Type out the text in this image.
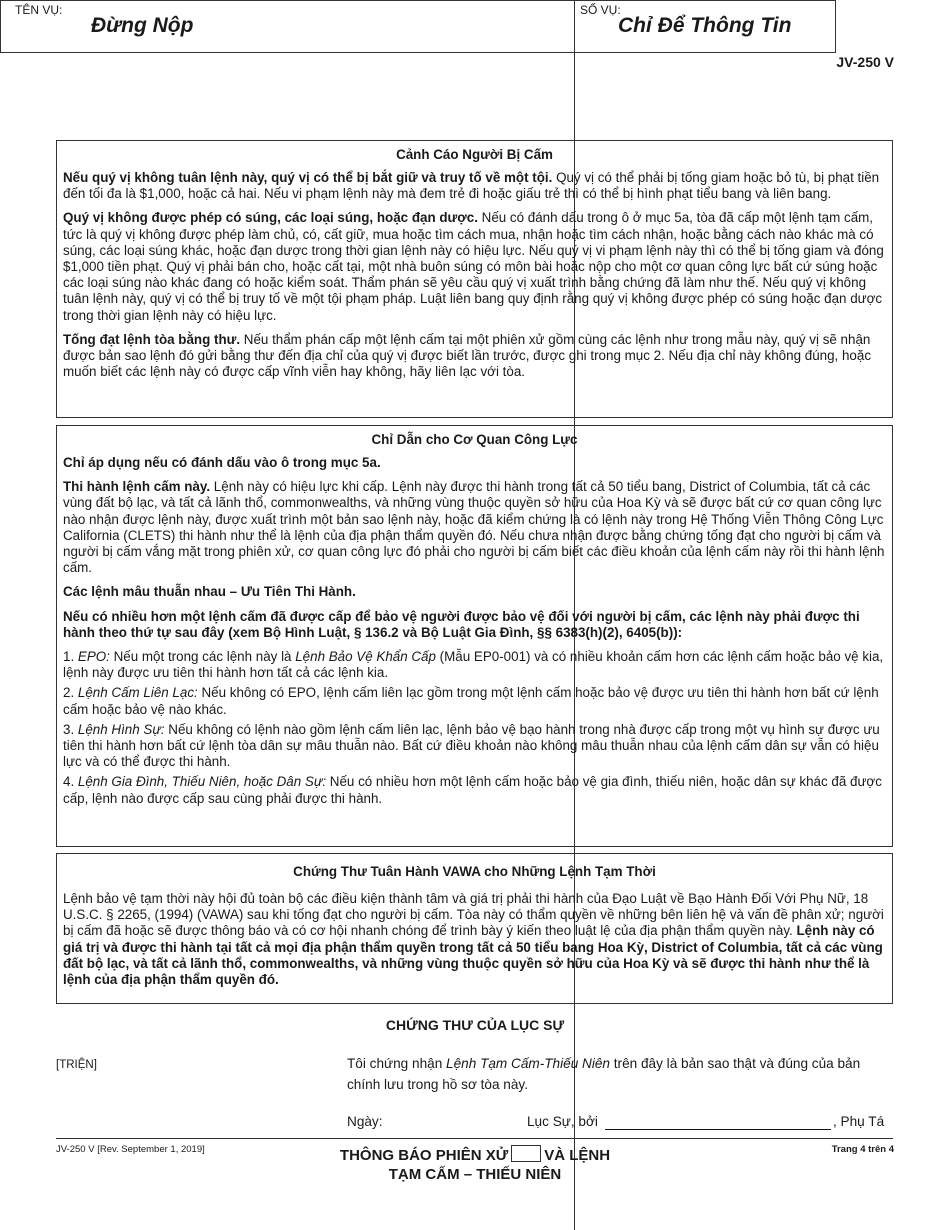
JV-250 V
TÊN VỤ:
Đừng Nộp
SỐ VỤ:
Chỉ Để Thông Tin
Cảnh Cáo Người Bị Cấm

Nếu quý vị không tuân lệnh này, quý vị có thể bị bắt giữ và truy tố về một tội. Quý vị có thể phải bị tống giam hoặc bỏ tù, bị phạt tiền đến tối đa là $1,000, hoặc cả hai. Nếu vi phạm lệnh này mà đem trẻ đi hoặc giấu trẻ thì có thể bị hình phạt tiểu bang và liên bang.

Quý vị không được phép có súng, các loại súng, hoặc đạn dược. Nếu có đánh dấu trong ô ở mục 5a, tòa đã cấp một lệnh tạm cấm, tức là quý vị không được phép làm chủ, có, cất giữ, mua hoặc tìm cách mua, nhận hoặc tìm cách nhận, hoặc bằng cách nào khác mà có súng, các loại súng khác, hoặc đạn dược trong thời gian lệnh này có hiệu lực. Nếu quý vị vi phạm lệnh này thì có thể bị tống giam và đóng $1,000 tiền phạt. Quý vị phải bán cho, hoặc cất tại, một nhà buôn súng có môn bài hoặc nộp cho một cơ quan công lực bất cứ súng hoặc các loại súng nào khác đang có hoặc kiểm soát. Thẩm phán sẽ yêu cầu quý vị xuất trình bằng chứng đã làm như thế. Nếu quý vị không tuân lệnh này, quý vị có thể bị truy tố về một tội phạm pháp. Luật liên bang quy định rằng quý vị không được phép có súng hoặc đạn dược trong thời gian lệnh này có hiệu lực.

Tống đạt lệnh tòa bằng thư. Nếu thẩm phán cấp một lệnh cấm tại một phiên xử gồm cùng các lệnh như trong mẫu này, quý vị sẽ nhận được bản sao lệnh đó gửi bằng thư đến địa chỉ của quý vị được biết lần trước, được ghi trong mục 2. Nếu địa chỉ này không đúng, hoặc muốn biết các lệnh này có được cấp vĩnh viễn hay không, hãy liên lạc với tòa.

Chỉ Dẫn cho Cơ Quan Công Lực

Chỉ áp dụng nếu có đánh dấu vào ô trong mục 5a.

Thi hành lệnh cấm này. Lệnh này có hiệu lực khi cấp. Lệnh này được thi hành trong tất cả 50 tiểu bang, District of Columbia, tất cả các vùng đất bộ lạc, và tất cả lãnh thổ, commonwealths, và những vùng thuộc quyền sở hữu của Hoa Kỳ và sẽ được bất cứ cơ quan công lực nào nhận được lệnh này, được xuất trình một bản sao lệnh này, hoặc đã kiểm chứng là có lệnh này trong Hệ Thống Viễn Thông Công Lực California (CLETS) thi hành như thể là lệnh của địa phận thẩm quyền đó. Nếu chưa nhận được bằng chứng tống đạt cho người bị cấm và người bị cấm vắng mặt trong phiên xử, cơ quan công lực đó phải cho người bị cấm biết các điều khoản của lệnh cấm này rồi thi hành lệnh cấm.

Các lệnh mâu thuẫn nhau – Ưu Tiên Thi Hành.

Nếu có nhiều hơn một lệnh cấm đã được cấp để bảo vệ người được bảo vệ đối với người bị cấm, các lệnh này phải được thi hành theo thứ tự sau đây (xem Bộ Hình Luật, § 136.2 và Bộ Luật Gia Đình, §§ 6383(h)(2), 6405(b)):

1. EPO: Nếu một trong các lệnh này là Lệnh Bảo Vệ Khẩn Cấp (Mẫu EP0-001) và có nhiều khoản cấm hơn các lệnh cấm hoặc bảo vệ kia, lệnh này được ưu tiên thi hành hơn tất cả các lệnh kia.

2. Lệnh Cấm Liên Lạc: Nếu không có EPO, lệnh cấm liên lạc gồm trong một lệnh cấm hoặc bảo vệ được ưu tiên thi hành hơn bất cứ lệnh cấm hoặc bảo vệ nào khác.

3. Lệnh Hình Sự: Nếu không có lệnh nào gồm lệnh cấm liên lạc, lệnh bảo vệ bạo hành trong nhà được cấp trong một vụ hình sự được ưu tiên thi hành hơn bất cứ lệnh tòa dân sự mâu thuẫn nào. Bất cứ điều khoản nào không mâu thuẫn nhau của lệnh cấm dân sự vẫn có hiệu lực và có thể được thi hành.

4. Lệnh Gia Đình, Thiếu Niên, hoặc Dân Sự: Nếu có nhiều hơn một lệnh cấm hoặc bảo vệ gia đình, thiếu niên, hoặc dân sự khác đã được cấp, lệnh nào được cấp sau cùng phải được thi hành.

Chứng Thư Tuân Hành VAWA cho Những Lệnh Tạm Thời

Lệnh bảo vệ tạm thời này hội đủ toàn bộ các điều kiện thành tâm và giá trị phải thi hành của Đạo Luật về Bạo Hành Đối Với Phụ Nữ, 18 U.S.C. § 2265, (1994) (VAWA) sau khi tống đạt cho người bị cấm. Tòa này có thẩm quyền về những bên liên hệ và vấn đề phân xử; người bị cấm đã hoặc sẽ được thông báo và có cơ hội nhanh chóng để trình bày ý kiến theo luật lệ của địa phận thẩm quyền này. Lệnh này có giá trị và được thi hành tại tất cả mọi địa phận thẩm quyền trong tất cả 50 tiểu bang Hoa Kỳ, District of Columbia, tất cả các vùng đất bộ lạc, và tất cả lãnh thổ, commonwealths, và những vùng thuộc quyền sở hữu của Hoa Kỳ và sẽ được thi hành như thể là lệnh của địa phận thẩm quyền đó.

CHỨNG THƯ CỦA LỤC SỰ
[TRIỆN]	Tôi chứng nhận Lệnh Tạm Cấm-Thiếu Niên trên đây là bản sao thật và đúng của bản chính lưu trong hồ sơ tòa này.
Ngày:	Lục Sự, bởi	, Phụ Tá
JV-250 V [Rev. September 1, 2019]	THÔNG BÁO PHIÊN XỬ VÀ LỆNH
TẠM CẤM – THIẾU NIÊN
Trang 4 trên 4
